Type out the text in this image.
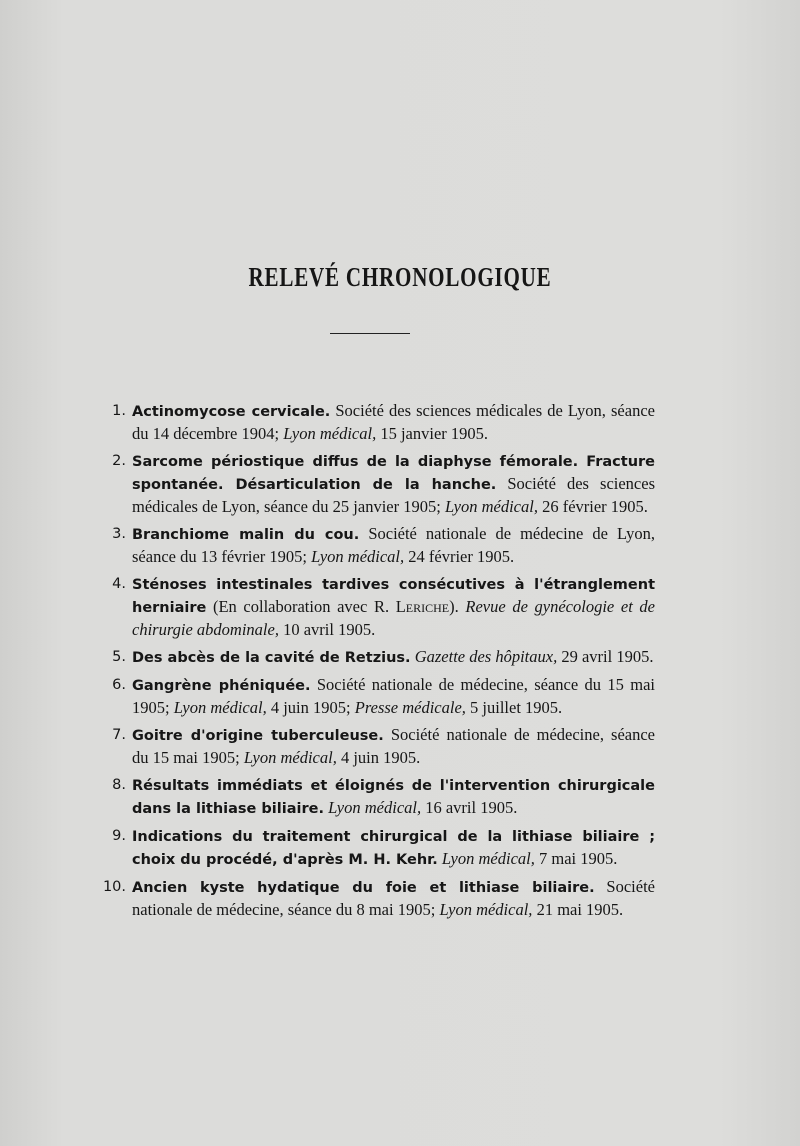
RELEVÉ CHRONOLOGIQUE
1. Actinomycose cervicale. Société des sciences médicales de Lyon, séance du 14 décembre 1904; Lyon médical, 15 janvier 1905.
2. Sarcome périostique diffus de la diaphyse fémorale. Fracture spontanée. Désarticulation de la hanche. Société des sciences médicales de Lyon, séance du 25 janvier 1905; Lyon médical, 26 février 1905.
3. Branchiome malin du cou. Société nationale de médecine de Lyon, séance du 13 février 1905; Lyon médical, 24 février 1905.
4. Sténoses intestinales tardives consécutives à l'étranglement herniaire (En collaboration avec R. Leriche). Revue de gynécologie et de chirurgie abdominale, 10 avril 1905.
5. Des abcès de la cavité de Retzius. Gazette des hôpitaux, 29 avril 1905.
6. Gangrène phéniquée. Société nationale de médecine, séance du 15 mai 1905; Lyon médical, 4 juin 1905; Presse médicale, 5 juillet 1905.
7. Goitre d'origine tuberculeuse. Société nationale de médecine, séance du 15 mai 1905; Lyon médical, 4 juin 1905.
8. Résultats immédiats et éloignés de l'intervention chirurgicale dans la lithiase biliaire. Lyon médical, 16 avril 1905.
9. Indications du traitement chirurgical de la lithiase biliaire ; choix du procédé, d'après M. H. Kehr. Lyon médical, 7 mai 1905.
10. Ancien kyste hydatique du foie et lithiase biliaire. Société nationale de médecine, séance du 8 mai 1905; Lyon médical, 21 mai 1905.
